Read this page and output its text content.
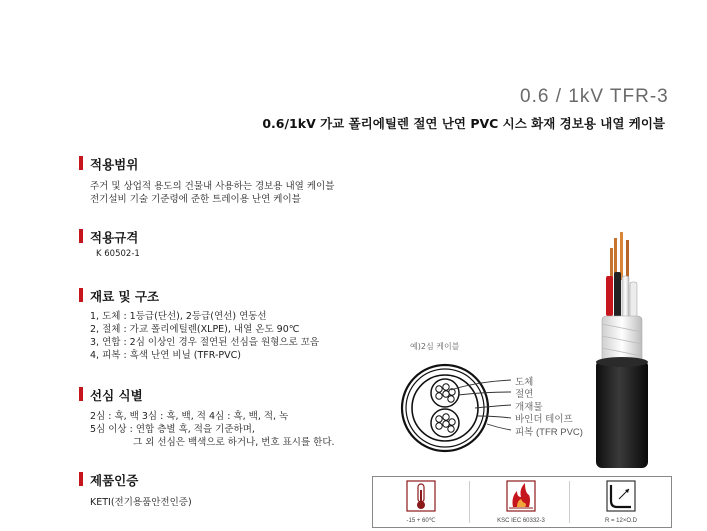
0.6 / 1kV TFR-3
0.6/1kV 가교 폴리에틸렌 절연 난연 PVC 시스 화재 경보용 내열 케이블
적용범위
주거 및 상업적 용도의 건물내 사용하는 경보용 내열 케이블
전기설비 기술 기준령에 준한 트레이용 난연 케이블
적용규격
K 60502-1
재료 및 구조
1, 도체 : 1등급(단선), 2등급(연선) 연동선
2, 절체 : 가교 폴리에틸렌(XLPE), 내열 온도 90℃
3, 연합 : 2심 이상인 경우 절연된 선심을 원형으로 꼬음
4, 피복 : 흑색 난연 비닐 (TFR-PVC)
선심 식별
2심 : 흑, 백 3심 : 흑, 백, 적 4심 : 흑, 백, 적, 녹
5심 이상 : 연합 층별 흑, 적을 기준하며,
그 외 선심은 백색으로 하거나, 번호 표시를 한다.
제품인증
KETI(전기용품안전인증)
예)2심 케이블
도체
절연
개재물
바인더 테이프
피복 (TFR PVC)
-15 + 60℃	KSC IEC 60332-3	R = 12×O.D
